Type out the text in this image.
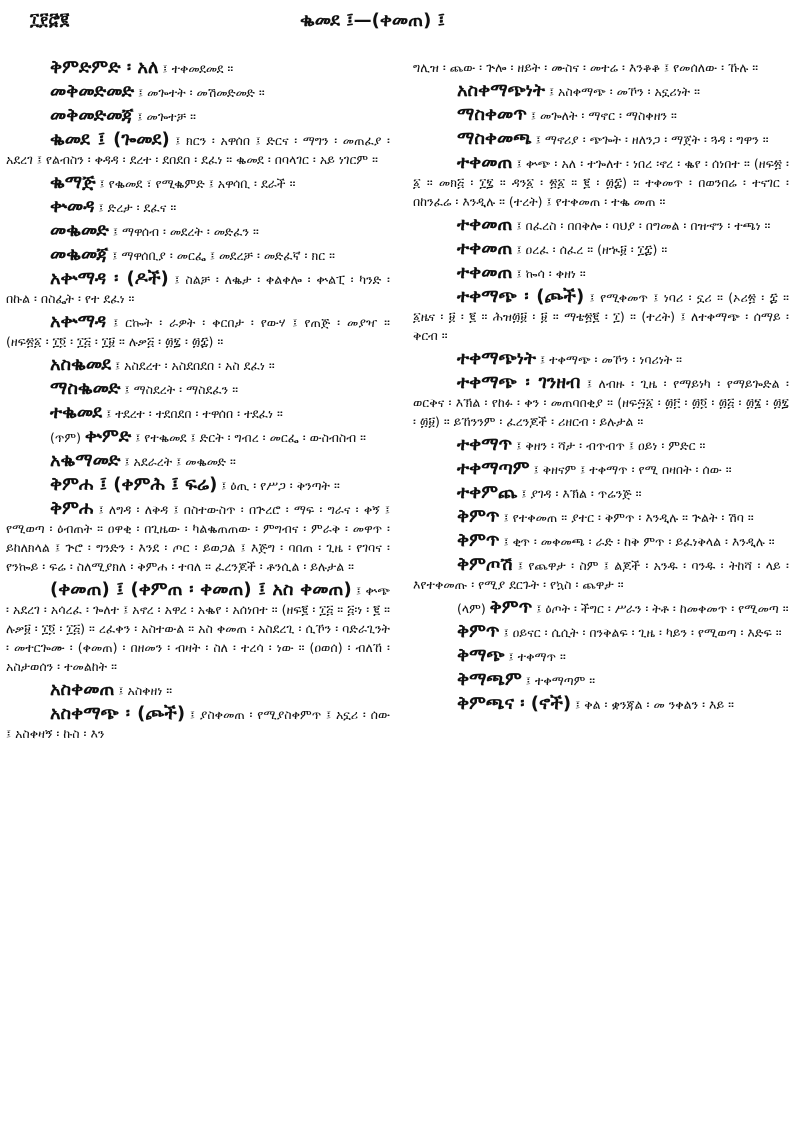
፲፻፸፪	ቈመደ ፤—(ቀመጠ) ፤

ቅምድምድ ፡ አለ ፤ ተቀመደመደ ።

መቅመድመድ ፤ መጐተት ፡ መሽመድመድ ።

መቅመድመጃ ፤ መጐተቻ ።

ቈመደ ፤ (ጐመደ) ፤ ክርን ፡ አዋሰበ ፤ ድርና ፡ ማግን ፡ መጠፈያ ፡ አደረገ ፤ የልብስን ፡ ቀዳዳ ፡ ደረተ ፡ ደበደበ ፡ ደፈነ ። ቈመደ ፡ በባላገር ፡ አይ ነገርም ።

ቈማጅ ፤ የቈመደ ፣ የሚቈምድ ፤ አዋሳቢ ፡ ደራች ።

ቍመዳ ፤ ድረታ ፡ ደፈና ።

መቈመድ ፤ ማዋሰብ ፡ መደረት ፡ መድፈን ።

መቈመጃ ፤ ማዋሰቢያ ፡ መርፌ ፤ መደረቻ ፡ መድፈኛ ፡ ክር ።

አቍማዳ ፡ (ዶች) ፤ ስልቻ ፡ ለቈታ ፡ ቀልቀሎ ፡ ቍልፒ ፡ ካንድ ፡ በኩል ፡ በስፌት ፡ የተ ደፈነ ።

አቍማዳ ፤ ርኰት ፡ ራዎት ፡ ቀርበታ ፡ የውሃ ፤ የጠጅ ፡ መያዣ ። (ዘፍ፳፩ ፡ ፲፬ ፡ ፲፭ ፡ ፲፱ ። ሉቃ፭ ፡ ፴፯ ፡ ፴፰) ።

አስቈመደ ፤ አስደረተ ፡ አስደበደበ ፡ አስ ደፈነ ።

ማስቈመድ ፤ ማስደረት ፡ ማስደፈን ።

ተቈመደ ፤ ተደረተ ፡ ተደበደበ ፡ ተዋሰበ ፡ ተደፈነ ።

(ጥም) ቍምድ ፤ የተቈመደ ፤ ድርት ፡ ግብረ ፡ መርፌ ፡ ውስብስብ ።

አቈማመድ ፤ አደራረት ፤ መቈመድ ።

ቅምሐ ፤ (ቀምሕ ፤ ፍሬ) ፤ ዕጢ ፡ የሥጋ ፡ ቅንጣት ።

ቅምሐ ፤ ለግዳ ፡ ለቅዳ ፤ በስተውስጥ ፡ በጕረሮ ፡ ማፍ ፡ ግራና ፡ ቀኝ ፤ የሚወጣ ፡ ዕብጠት ። ዐዋቂ ፡ በጊዜው ፡ ካልቈጠጠው ፡ ምግብና ፡ ምራቅ ፡ መዋጥ ፡ ይከለክላል ፤ ጕሮ ፡ ግንድን ፡ እንደ ፡ ጦር ፡ ይወጋል ፤ እጅግ ፡ ባበጠ ፡ ጊዜ ፡ የገባና ፡ የንኰይ ፡ ፍሬ ፡ ስለሚያክለ ፡ ቅምሐ ፡ ተባለ ። ፈረንጆች ፡ ቶንሲል ፡ ይሉታል ።

(ቀመጠ) ፤ (ቀምጠ ፡ ቀመጠ) ፤ አስ ቀመጠ) ፤ ቍጭ ፡ አደረገ ፡ አሳረፈ ፡ ጐለተ ፤ አኖረ ፡ አዋረ ፡ አቈየ ፡ አሰነበተ ። (ዘፍ፪ ፡ ፲፭ ። ፭፡ነ ፡ ፪ ። ሉቃ፱ ፡ ፲፬ ፡ ፲፭) ። ረፈቀን ፡ አስተውል ። አስ ቀመጠ ፡ አስደረጊ ፡ ሲኾን ፡ ባድራጊንት ፡ መተርጐሙ ፡ (ቀመጠ) ፡ በዘመን ፡ ብዛት ፡ ስለ ፡ ተረሳ ፡ ነው ። (ዐወሰ) ፡ ብለኸ ፡ አስታወሰን ፡ ተመልከት ።

አስቀመጠ ፤ አስቀዘነ ።

አስቀማጭ ፡ (ጮች) ፤ ያስቀመጠ ፡ የሚያስቀምጥ ፤ አኗሪ ፡ ሰው ፤ አስቀዛኝ ፡ ኩስ ፡ እን

ግሊዝ ፡ ጨው ፡ ጕሎ ፡ ዘይት ፡ ሙስና ፡ መተሬ ፡ እንቆቆ ፤ የመሰለው ፡ ኹሉ ።

አስቀማጭነት ፤ አስቀማጭ ፡ መኾን ፡ አኗሪነት ።

ማስቀመጥ ፤ መጐለት ፡ ማኖር ፡ ማስቀዘን ።

ማስቀመጫ ፤ ማኖሪያ ፡ ጭጐት ፡ ዘለንጋ ፡ ማጀት ፡ ጓዳ ፡ ግዋን ።

ተቀመጠ ፤ ቍጭ ፡ አለ ፡ ተጐለተ ፡ ነበረ ፡ኖረ ፡ ቈየ ፡ ሰነበተ ። (ዘፍ፳ ፡ ፩ ። መክ፭ ፡ ፲፯ ። ዳን፩ ፡ ፳፩ ። ፪ ፡ ፴፰) ። ተቀመጥ ፡ በወንበሬ ፡ ተናገር ፡ በከንፈሬ ፡ እንዲሉ ። (ተረት) ፤ የተቀመጠ ፡ ተቈ መጠ ።

ተቀመጠ ፤ በፈረስ ፡ በበቅሎ ፡ ባህያ ፡ በግመል ፡ በዝኆን ፡ ተጫነ ።

ተቀመጠ ፤ ዐረፈ ፡ ሰፈረ ። (ዘኊ፱ ፡ ፲፰) ።

ተቀመጠ ፤ ኰሳ ፡ ቀዘነ ።

ተቀማጭ ፡ (ጮች) ፤ የሚቀመጥ ፤ ነባሪ ፡ ኗሪ ። (ኦሪ፳ ፡ ፰ ። ፩ዜና ፡ ፱ ፡ ፪ ። ሕዝ፴፱ ፡ ፱ ። ማቴ፳፪ ፡ ፲) ። (ተረት) ፤ ለተቀማጭ ፡ ሰማይ ፡ ቅርብ ።

ተቀማጭነት ፤ ተቀማጭ ፡ መኾን ፡ ነባሪነት ።

ተቀማጭ ፡ ገንዘብ ፤ ለብዙ ፡ ጊዜ ፡ የማይነካ ፡ የማይጐድል ፡ ወርቅና ፡ እኽል ፡ የከፉ ፡ ቀን ፡ መጠባበቂያ ። (ዘፍ፵፩ ፡ ፴፫ ፡ ፴፬ ፡ ፴፭ ፡ ፴፮ ፡ ፴፯ ፡ ፴፱) ። ይኸንንም ፡ ፈረንጆች ፡ ሪዘርብ ፡ ይሉታል ።

ተቀማጥ ፤ ቅዘን ፡ ሻታ ፡ ብጥብጥ ፤ ዐይነ ፡ ምድር ።

ተቀማጣም ፤ ቅዘናም ፤ ተቀማጥ ፡ የሚ በዛበት ፡ ሰው ።

ተቀምጨ ፤ ያገዳ ፡ እኽል ፡ ጥሬንጅ ።

ቅምጥ ፤ የተቀመጠ ። ያተር ፡ ቅምጥ ፡ እንዲሉ ። ጕልት ፡ ሽባ ።

ቅምጥ ፤ ቂጥ ፡ መቀመጫ ፡ ራድ ፡ ከቅ ምጥ ፡ ይፈነቅላል ፡ እንዲሉ ።

ቅምጦሽ ፤ የጨዋታ ፡ ስም ፤ ልጆች ፡ አንዱ ፡ ባንዱ ፡ ትከሻ ፡ ላይ ፡ እየተቀመጡ ፡ የሚያ ደርጉት ፡ የኳስ ፡ ጨዋታ ።

(ላም) ቅምጥ ፤ ዕጦት ፡ ችግር ፡ ሥራን ፡ ትቶ ፡ ከመቀመጥ ፡ የሚመጣ ።

ቅምጥ ፤ ዐይናር ፡ ሴሲት ፡ በንቅልፍ ፡ ጊዜ ፡ ካይን ፡ የሚወጣ ፡ እድፍ ።

ቅማጭ ፤ ተቀማጥ ።

ቅማጫም ፤ ተቀማጣም ።

ቅምጫና ፡ (ኖች) ፤ ቅል ፡ ቋንጃል ፡ መ ንቀልን ፡ እይ ።
